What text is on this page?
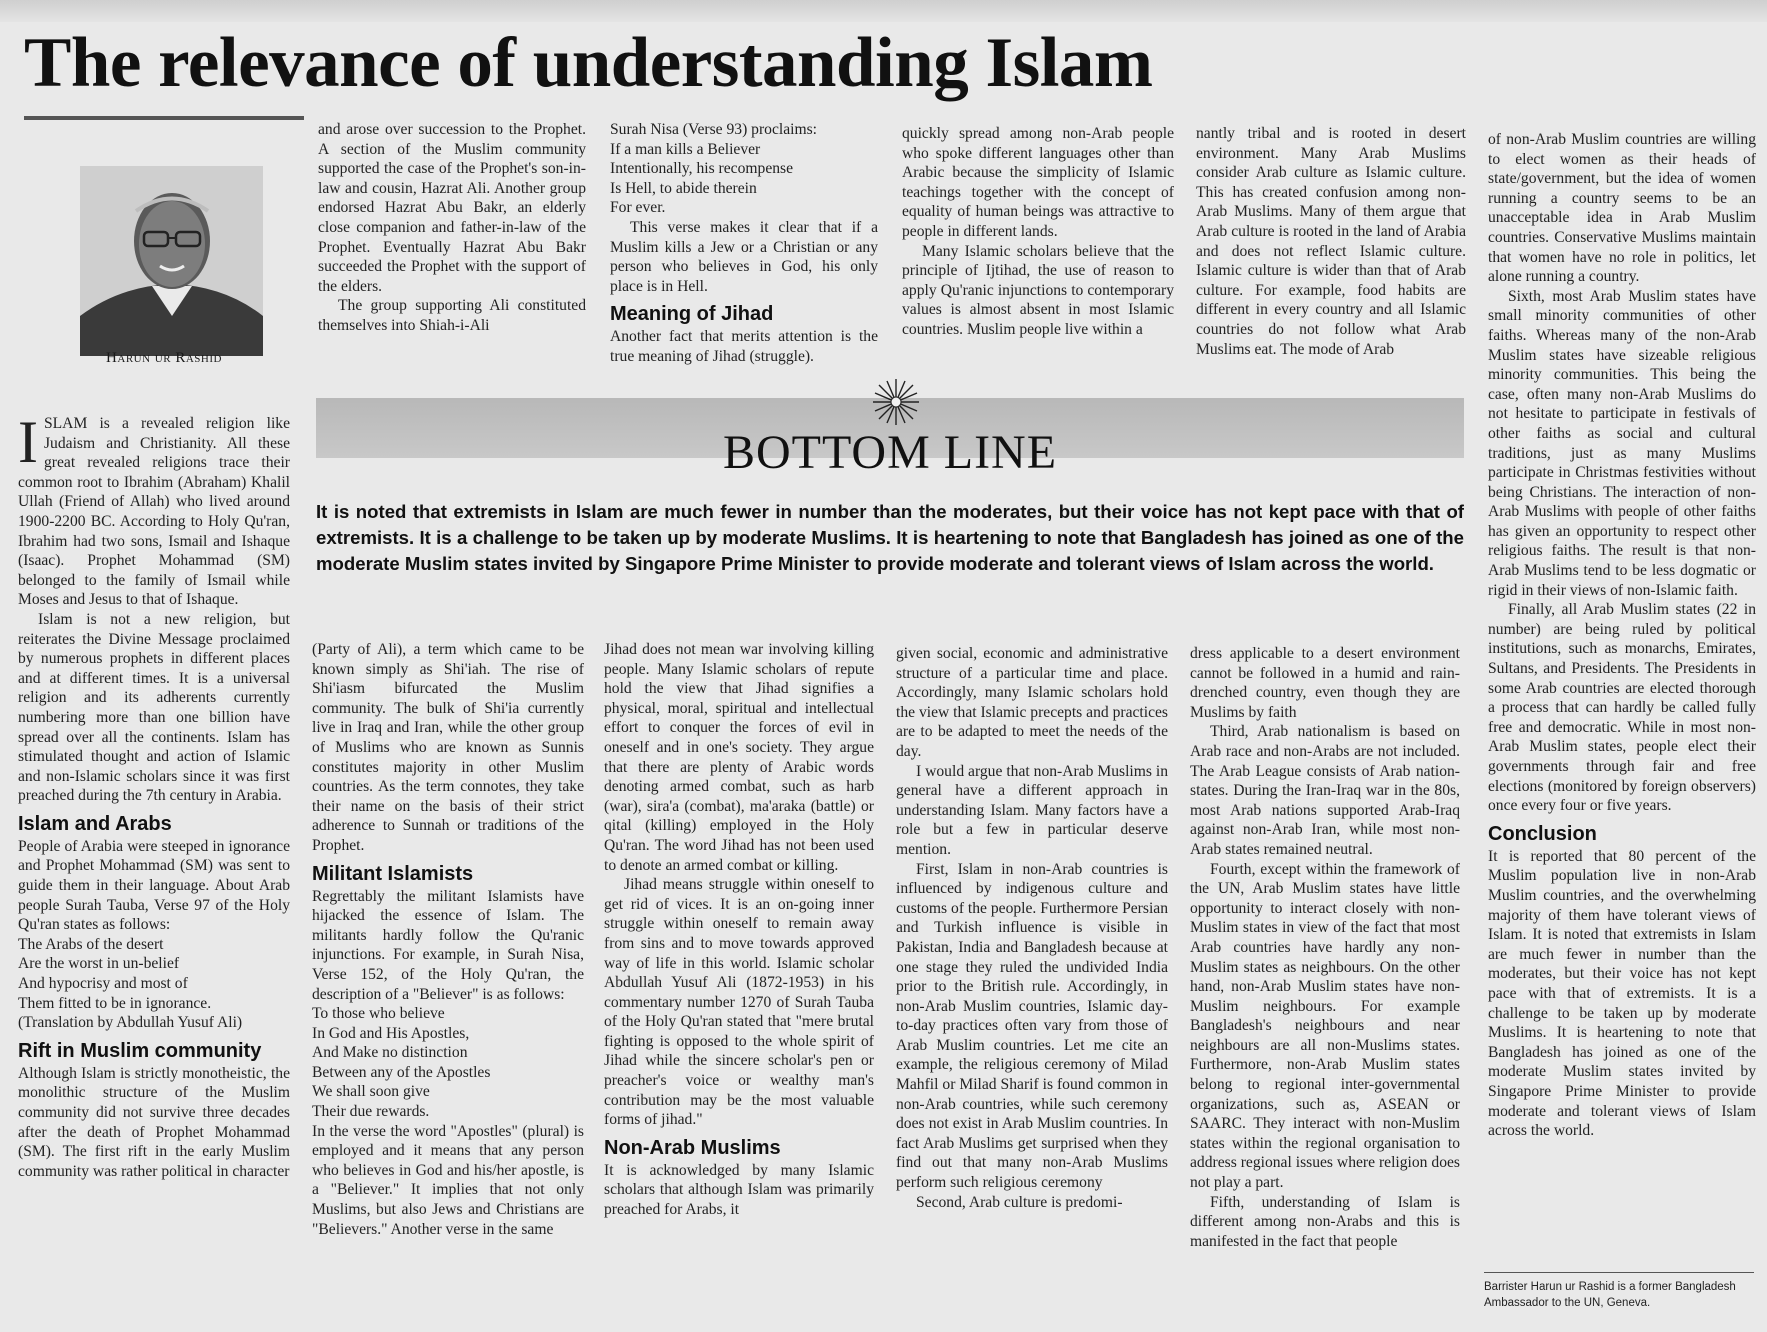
The relevance of understanding Islam
Harun ur Rashid

ISLAM is a revealed religion like Judaism and Christianity. All these great revealed religions trace their common root to Ibrahim (Abraham) Khalil Ullah (Friend of Allah) who lived around 1900-2200 BC. According to Holy Qu'ran, Ibrahim had two sons, Ismail and Ishaque (Isaac). Prophet Mohammad (SM) belonged to the family of Ismail while Moses and Jesus to that of Ishaque.

Islam is not a new religion, but reiterates the Divine Message proclaimed by numerous prophets in different places and at different times. It is a universal religion and its adherents currently numbering more than one billion have spread over all the continents. Islam has stimulated thought and action of Islamic and non-Islamic scholars since it was first preached during the 7th century in Arabia.

Islam and Arabs

People of Arabia were steeped in ignorance and Prophet Mohammad (SM) was sent to guide them in their language. About Arab people Surah Tauba, Verse 97 of the Holy Qu'ran states as follows:

The Arabs of the desert

Are the worst in un-belief

And hypocrisy and most of

Them fitted to be in ignorance. (Translation by Abdullah Yusuf Ali)

Rift in Muslim community

Although Islam is strictly monotheistic, the monolithic structure of the Muslim community did not survive three decades after the death of Prophet Mohammad (SM). The first rift in the early Muslim community was rather political in character

and arose over succession to the Prophet. A section of the Muslim community supported the case of the Prophet's son-in-law and cousin, Hazrat Ali. Another group endorsed Hazrat Abu Bakr, an elderly close companion and father-in-law of the Prophet. Eventually Hazrat Abu Bakr succeeded the Prophet with the support of the elders.

The group supporting Ali constituted themselves into Shiah-i-Ali

Surah Nisa (Verse 93) proclaims:

If a man kills a Believer

Intentionally, his recompense

Is Hell, to abide therein

For ever.

This verse makes it clear that if a Muslim kills a Jew or a Christian or any person who believes in God, his only place is in Hell.

Meaning of Jihad

Another fact that merits attention is the true meaning of Jihad (struggle).

quickly spread among non-Arab people who spoke different languages other than Arabic because the simplicity of Islamic teachings together with the concept of equality of human beings was attractive to people in different lands.

Many Islamic scholars believe that the principle of Ijtihad, the use of reason to apply Qu'ranic injunctions to contemporary values is almost absent in most Islamic countries. Muslim people live within a

nantly tribal and is rooted in desert environment. Many Arab Muslims consider Arab culture as Islamic culture. This has created confusion among non-Arab Muslims. Many of them argue that Arab culture is rooted in the land of Arabia and does not reflect Islamic culture. Islamic culture is wider than that of Arab culture. For example, food habits are different in every country and all Islamic countries do not follow what Arab Muslims eat. The mode of Arab

of non-Arab Muslim countries are willing to elect women as their heads of state/government, but the idea of women running a country seems to be an unacceptable idea in Arab Muslim countries. Conservative Muslims maintain that women have no role in politics, let alone running a country.

Sixth, most Arab Muslim states have small minority communities of other faiths. Whereas many of the non-Arab Muslim states have sizeable religious minority communities. This being the case, often many non-Arab Muslims do not hesitate to participate in festivals of other faiths as social and cultural traditions, just as many Muslims participate in Christmas festivities without being Christians. The interaction of non-Arab Muslims with people of other faiths has given an opportunity to respect other religious faiths. The result is that non-Arab Muslims tend to be less dogmatic or rigid in their views of non-Islamic faith.

Finally, all Arab Muslim states (22 in number) are being ruled by political institutions, such as monarchs, Emirates, Sultans, and Presidents. The Presidents in some Arab countries are elected thorough a process that can hardly be called fully free and democratic. While in most non-Arab Muslim states, people elect their governments through fair and free elections (monitored by foreign observers) once every four or five years.

Conclusion

It is reported that 80 percent of the Muslim population live in non-Arab Muslim countries, and the overwhelming majority of them have tolerant views of Islam. It is noted that extremists in Islam are much fewer in number than the moderates, but their voice has not kept pace with that of extremists. It is a challenge to be taken up by moderate Muslims. It is heartening to note that Bangladesh has joined as one of the moderate Muslim states invited by Singapore Prime Minister to provide moderate and tolerant views of Islam across the world.

Barrister Harun ur Rashid is a former Bangladesh Ambassador to the UN, Geneva.
BOTTOM LINE
It is noted that extremists in Islam are much fewer in number than the moderates, but their voice has not kept pace with that of extremists. It is a challenge to be taken up by moderate Muslims. It is heartening to note that Bangladesh has joined as one of the moderate Muslim states invited by Singapore Prime Minister to provide moderate and tolerant views of Islam across the world.

(Party of Ali), a term which came to be known simply as Shi'iah. The rise of Shi'iasm bifurcated the Muslim community. The bulk of Shi'ia currently live in Iraq and Iran, while the other group of Muslims who are known as Sunnis constitutes majority in other Muslim countries. As the term connotes, they take their name on the basis of their strict adherence to Sunnah or traditions of the Prophet.

Militant Islamists

Regrettably the militant Islamists have hijacked the essence of Islam. The militants hardly follow the Qu'ranic injunctions. For example, in Surah Nisa, Verse 152, of the Holy Qu'ran, the description of a "Believer" is as follows:

To those who believe

In God and His Apostles,

And Make no distinction

Between any of the Apostles

We shall soon give

Their due rewards.

In the verse the word "Apostles" (plural) is employed and it means that any person who believes in God and his/her apostle, is a "Believer." It implies that not only Muslims, but also Jews and Christians are "Believers." Another verse in the same

Jihad does not mean war involving killing people. Many Islamic scholars of repute hold the view that Jihad signifies a physical, moral, spiritual and intellectual effort to conquer the forces of evil in oneself and in one's society. They argue that there are plenty of Arabic words denoting armed combat, such as harb (war), sira'a (combat), ma'araka (battle) or qital (killing) employed in the Holy Qu'ran. The word Jihad has not been used to denote an armed combat or killing.

Jihad means struggle within oneself to get rid of vices. It is an on-going inner struggle within oneself to remain away from sins and to move towards approved way of life in this world. Islamic scholar Abdullah Yusuf Ali (1872-1953) in his commentary number 1270 of Surah Tauba of the Holy Qu'ran stated that "mere brutal fighting is opposed to the whole spirit of Jihad while the sincere scholar's pen or preacher's voice or wealthy man's contribution may be the most valuable forms of jihad."

Non-Arab Muslims

It is acknowledged by many Islamic scholars that although Islam was primarily preached for Arabs, it

given social, economic and administrative structure of a particular time and place. Accordingly, many Islamic scholars hold the view that Islamic precepts and practices are to be adapted to meet the needs of the day.

I would argue that non-Arab Muslims in general have a different approach in understanding Islam. Many factors have a role but a few in particular deserve mention.

First, Islam in non-Arab countries is influenced by indigenous culture and customs of the people. Furthermore Persian and Turkish influence is visible in Pakistan, India and Bangladesh because at one stage they ruled the undivided India prior to the British rule. Accordingly, in non-Arab Muslim countries, Islamic day-to-day practices often vary from those of Arab Muslim countries. Let me cite an example, the religious ceremony of Milad Mahfil or Milad Sharif is found common in non-Arab countries, while such ceremony does not exist in Arab Muslim countries. In fact Arab Muslims get surprised when they find out that many non-Arab Muslims perform such religious ceremony

Second, Arab culture is predomi-

dress applicable to a desert environment cannot be followed in a humid and rain-drenched country, even though they are Muslims by faith

Third, Arab nationalism is based on Arab race and non-Arabs are not included. The Arab League consists of Arab nation-states. During the Iran-Iraq war in the 80s, most Arab nations supported Arab-Iraq against non-Arab Iran, while most non-Arab states remained neutral.

Fourth, except within the framework of the UN, Arab Muslim states have little opportunity to interact closely with non-Muslim states in view of the fact that most Arab countries have hardly any non-Muslim states as neighbours. On the other hand, non-Arab Muslim states have non-Muslim neighbours. For example Bangladesh's neighbours and near neighbours are all non-Muslims states. Furthermore, non-Arab Muslim states belong to regional inter-governmental organizations, such as, ASEAN or SAARC. They interact with non-Muslim states within the regional organisation to address regional issues where religion does not play a part.

Fifth, understanding of Islam is different among non-Arabs and this is manifested in the fact that people
